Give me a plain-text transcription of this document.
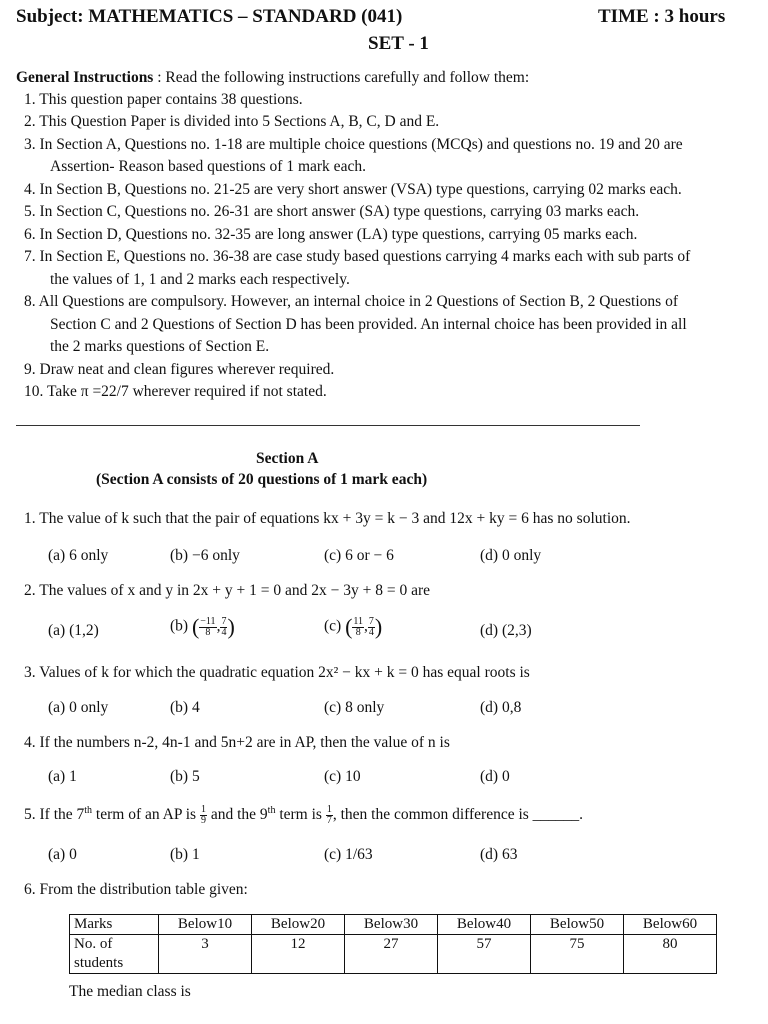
Subject: MATHEMATICS – STANDARD (041)	TIME : 3 hours
SET - 1
General Instructions : Read the following instructions carefully and follow them:
1. This question paper contains 38 questions.
2. This Question Paper is divided into 5 Sections A, B, C, D and E.
3. In Section A, Questions no. 1-18 are multiple choice questions (MCQs) and questions no. 19 and 20 are
Assertion- Reason based questions of 1 mark each.
4. In Section B, Questions no. 21-25 are very short answer (VSA) type questions, carrying 02 marks each.
5. In Section C, Questions no. 26-31 are short answer (SA) type questions, carrying 03 marks each.
6. In Section D, Questions no. 32-35 are long answer (LA) type questions, carrying 05 marks each.
7. In Section E, Questions no. 36-38 are case study based questions carrying 4 marks each with sub parts of
the values of 1, 1 and 2 marks each respectively.
8. All Questions are compulsory. However, an internal choice in 2 Questions of Section B, 2 Questions of
Section C and 2 Questions of Section D has been provided. An internal choice has been provided in all
the 2 marks questions of Section E.
9. Draw neat and clean figures wherever required.
10. Take π =22/7 wherever required if not stated.
Section A
(Section A consists of 20 questions of 1 mark each)
1. The value of k such that the pair of equations kx + 3y = k − 3 and 12x + ky = 6 has no solution.
(a) 6 only	(b) −6 only	(c) 6 or − 6	(d) 0 only
2. The values of x and y in 2x + y + 1 = 0 and 2x − 3y + 8 = 0 are
(a) (1,2)	(b) ( $\frac{-11}{8}$ , $\frac{7}{4}$ )	(c) ( $\frac{11}{8}$ , $\frac{7}{4}$ )	(d) (2,3)
3. Values of k for which the quadratic equation 2x² − kx + k = 0 has equal roots is
(a) 0 only	(b) 4	(c) 8 only	(d) 0,8
4. If the numbers n-2, 4n-1 and 5n+2 are in AP, then the value of n is
(a) 1	(b) 5	(c) 10	(d) 0
5. If the 7th term of an AP is $\frac{1}{9}$ and the 9th term is $\frac{1}{7}$ , then the common difference is ______.
(a) 0	(b) 1	(c) 1/63	(d) 63
6. From the distribution table given:
Marks	Below10	Below20	Below30	Below40	Below50	Below60
No. of
students	3	12	27	57	75	80
The median class is
